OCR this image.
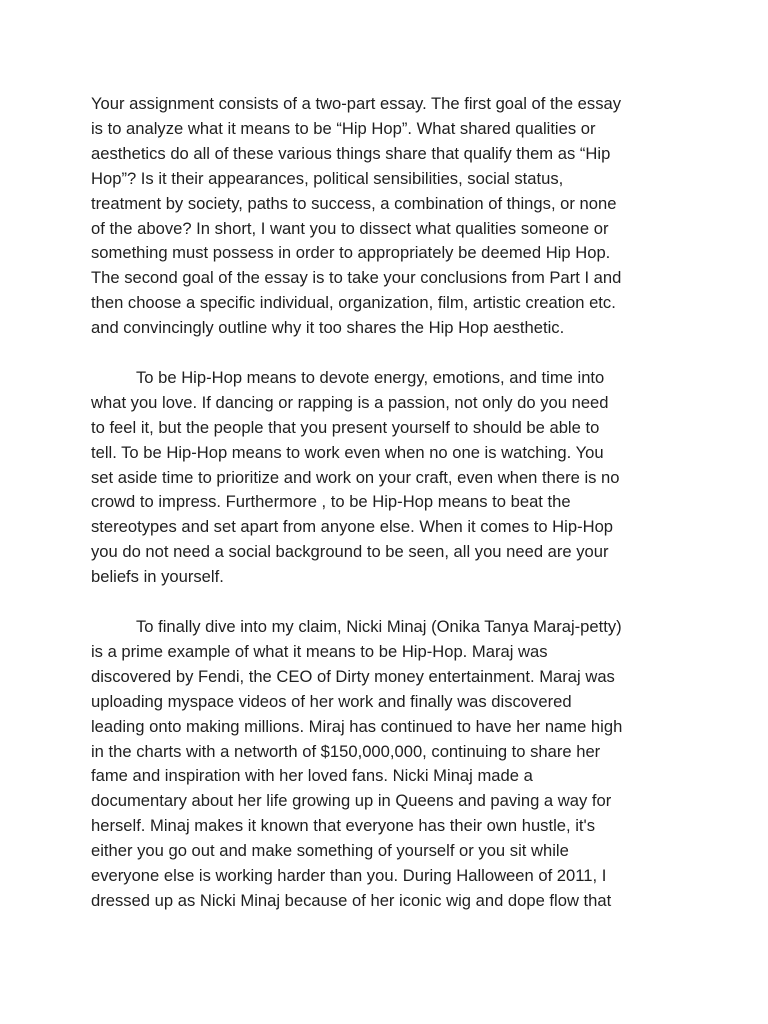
Your assignment consists of a two-part essay. The first goal of the essay
is to analyze what it means to be “Hip Hop”. What shared qualities or
aesthetics do all of these various things share that qualify them as “Hip
Hop”? Is it their appearances, political sensibilities, social status,
treatment by society, paths to success, a combination of things, or none
of the above? In short, I want you to dissect what qualities someone or
something must possess in order to appropriately be deemed Hip Hop.
The second goal of the essay is to take your conclusions from Part I and
then choose a specific individual, organization, film, artistic creation etc.
and convincingly outline why it too shares the Hip Hop aesthetic.
To be Hip-Hop means to devote energy, emotions, and time into
what you love. If dancing or rapping is a passion, not only do you need
to feel it, but the people that you present yourself to should be able to
tell. To be Hip-Hop means to work even when no one is watching. You
set aside time to prioritize and work on your craft, even when there is no
crowd to impress. Furthermore , to be Hip-Hop means to beat the
stereotypes and set apart from anyone else. When it comes to Hip-Hop
you do not need a social background to be seen, all you need are your
beliefs in yourself.
To finally dive into my claim, Nicki Minaj (Onika Tanya Maraj-petty)
is a prime example of what it means to be Hip-Hop. Maraj was
discovered by Fendi, the CEO of Dirty money entertainment. Maraj was
uploading myspace videos of her work and finally was discovered
leading onto making millions. Miraj has continued to have her name high
in the charts with a networth of $150,000,000, continuing to share her
fame and inspiration with her loved fans. Nicki Minaj made a
documentary about her life growing up in Queens and paving a way for
herself. Minaj makes it known that everyone has their own hustle, it's
either you go out and make something of yourself or you sit while
everyone else is working harder than you. During Halloween of 2011, I
dressed up as Nicki Minaj because of her iconic wig and dope flow that
